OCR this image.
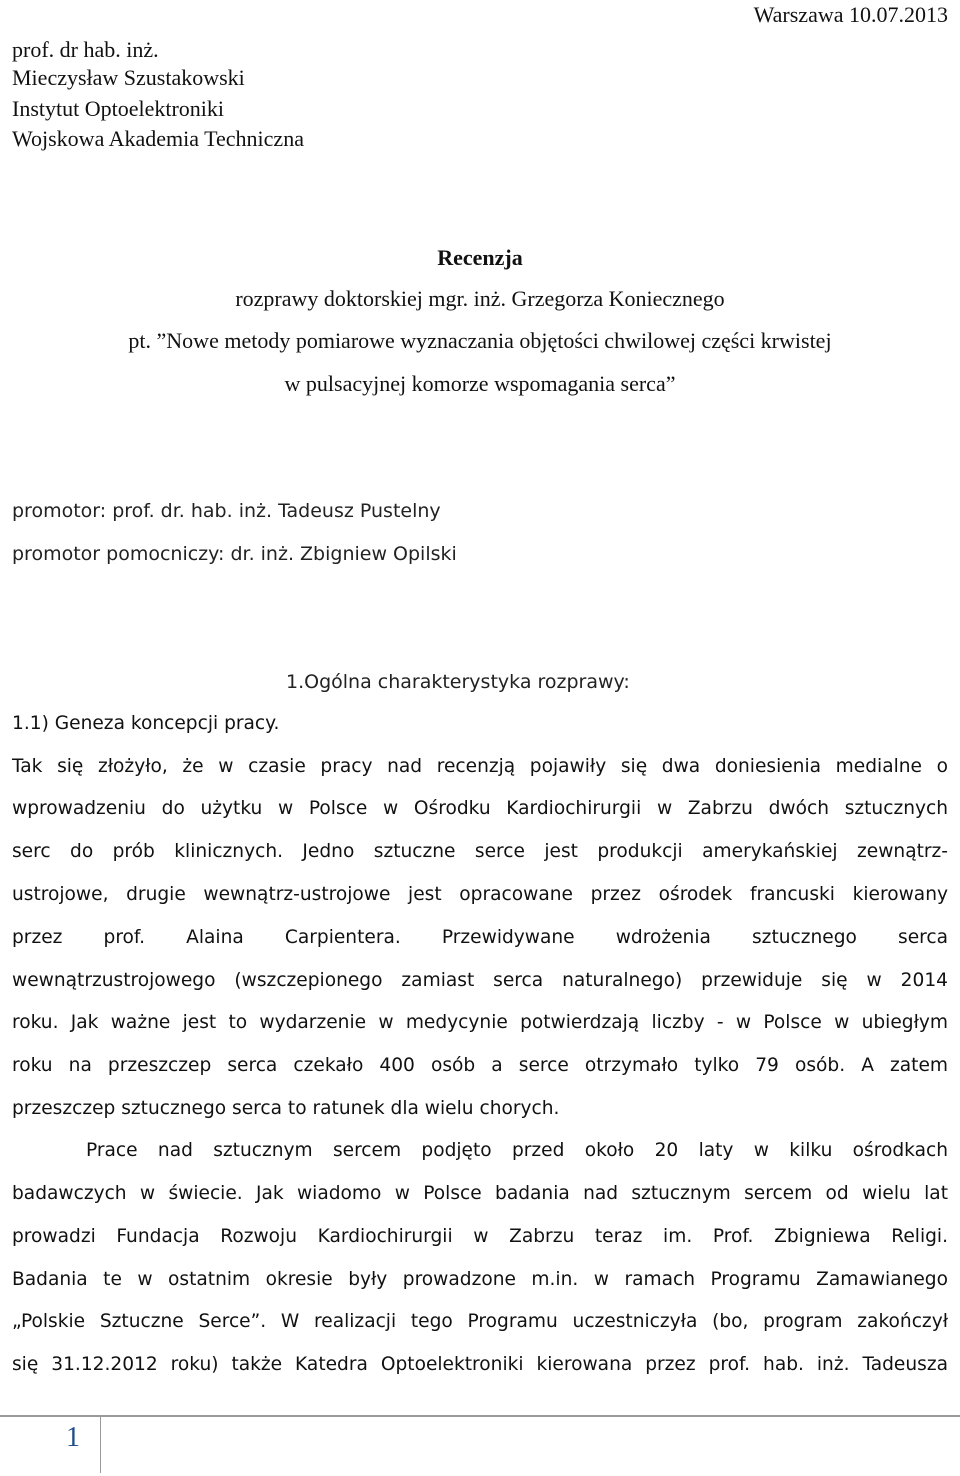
prof. dr hab. inż.
Mieczysław Szustakowski
Instytut Optoelektroniki
Wojskowa Akademia Techniczna
Warszawa 10.07.2013
Recenzja
rozprawy doktorskiej mgr. inż. Grzegorza Koniecznego
pt. ”Nowe metody pomiarowe wyznaczania objętości chwilowej części krwistej
w pulsacyjnej komorze wspomagania serca”
promotor: prof. dr. hab. inż. Tadeusz Pustelny
promotor pomocniczy: dr. inż. Zbigniew Opilski
1.Ogólna charakterystyka rozprawy:
1.1) Geneza koncepcji pracy.
Tak się złożyło, że w czasie pracy nad recenzją pojawiły się dwa doniesienia medialne o
wprowadzeniu do użytku w Polsce w Ośrodku Kardiochirurgii w Zabrzu dwóch sztucznych
serc do prób klinicznych. Jedno sztuczne serce jest produkcji amerykańskiej zewnątrz-
ustrojowe, drugie wewnątrz-ustrojowe jest opracowane przez ośrodek francuski kierowany
przez prof. Alaina Carpientera. Przewidywane wdrożenia sztucznego serca
wewnątrzustrojowego (wszczepionego zamiast serca naturalnego) przewiduje się w 2014
roku. Jak ważne jest to wydarzenie w medycynie potwierdzają liczby - w Polsce w ubiegłym
roku na przeszczep serca czekało 400 osób a serce otrzymało tylko 79 osób. A zatem
przeszczep sztucznego serca to ratunek dla wielu chorych.
Prace nad sztucznym sercem podjęto przed około 20 laty w kilku ośrodkach
badawczych w świecie. Jak wiadomo w Polsce badania nad sztucznym sercem od wielu lat
prowadzi Fundacja Rozwoju Kardiochirurgii w Zabrzu teraz im. Prof. Zbigniewa Religi.
Badania te w ostatnim okresie były prowadzone m.in. w ramach Programu Zamawianego
„Polskie Sztuczne Serce”. W realizacji tego Programu uczestniczyła (bo, program zakończył
się 31.12.2012 roku) także Katedra Optoelektroniki kierowana przez prof. hab. inż. Tadeusza
1
